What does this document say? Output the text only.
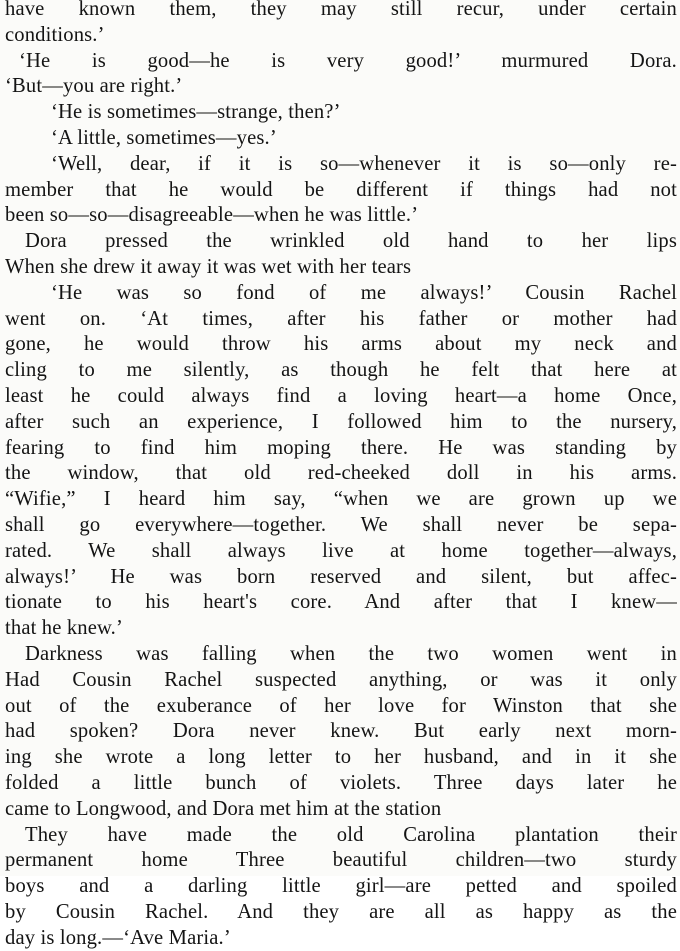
have known them, they may still recur, under certain
conditions.’
‘He is good—he is very good!’ murmured Dora.
‘But—you are right.’
‘He is sometimes—strange, then?’
‘A little, sometimes—yes.’
‘Well, dear, if it is so—whenever it is so—only re-
member that he would be different if things had not
been so—so—disagreeable—when he was little.’
Dora pressed the wrinkled old hand to her lips
When she drew it away it was wet with her tears
‘He was so fond of me always!’ Cousin Rachel
went on. ‘At times, after his father or mother had
gone, he would throw his arms about my neck and
cling to me silently, as though he felt that here at
least he could always find a loving heart—a home Once,
after such an experience, I followed him to the nursery,
fearing to find him moping there. He was standing by
the window, that old red-cheeked doll in his arms.
“Wifie,” I heard him say, “when we are grown up we
shall go everywhere—together. We shall never be sepa-
rated. We shall always live at home together—always,
always!’ He was born reserved and silent, but affec-
tionate to his heart's core. And after that I knew—
that he knew.’
Darkness was falling when the two women went in
Had Cousin Rachel suspected anything, or was it only
out of the exuberance of her love for Winston that she
had spoken? Dora never knew. But early next morn-
ing she wrote a long letter to her husband, and in it she
folded a little bunch of violets. Three days later he
came to Longwood, and Dora met him at the station
They have made the old Carolina plantation their
permanent home Three beautiful children—two sturdy
boys and a darling little girl—are petted and spoiled
by Cousin Rachel. And they are all as happy as the
day is long.—‘Ave Maria.’
